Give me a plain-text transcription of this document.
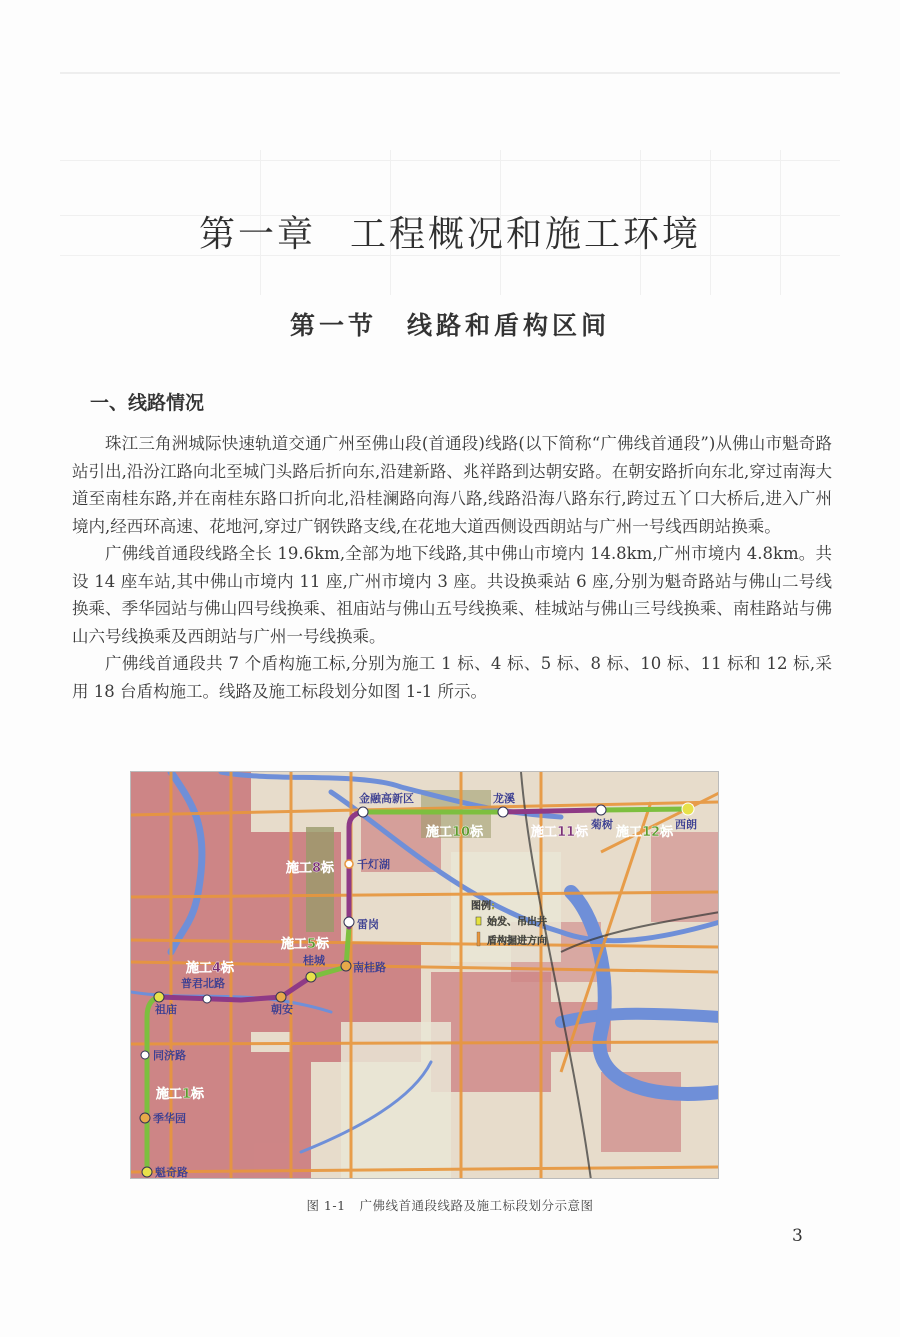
第一章 工程概况和施工环境
第一节 线路和盾构区间
一、线路情况

珠江三角洲城际快速轨道交通广州至佛山段(首通段)线路(以下简称“广佛线首通段”)从佛山市魁奇路站引出,沿汾江路向北至城门头路后折向东,沿建新路、兆祥路到达朝安路。在朝安路折向东北,穿过南海大道至南桂东路,并在南桂东路口折向北,沿桂澜路向海八路,线路沿海八路东行,跨过五丫口大桥后,进入广州境内,经西环高速、花地河,穿过广钢铁路支线,在花地大道西侧设西朗站与广州一号线西朗站换乘。

广佛线首通段线路全长 19.6km,全部为地下线路,其中佛山市境内 14.8km,广州市境内 4.8km。共设 14 座车站,其中佛山市境内 11 座,广州市境内 3 座。共设换乘站 6 座,分别为魁奇路站与佛山二号线换乘、季华园站与佛山四号线换乘、祖庙站与佛山五号线换乘、桂城站与佛山三号线换乘、南桂路站与佛山六号线换乘及西朗站与广州一号线换乘。

广佛线首通段共 7 个盾构施工标,分别为施工 1 标、4 标、5 标、8 标、10 标、11 标和 12 标,采用 18 台盾构施工。线路及施工标段划分如图 1-1 所示。

魁奇路
季华园
同济路
祖庙
普君北路
朝安
桂城
南桂路
雷岗
千灯湖
金融高新区	龙溪
菊树	西朗
施工1标
施工4标
施工5标
施工8标
施工10标	施工11标 施工12标
图例:
始发、吊出井
盾构掘进方向
图 1-1 广佛线首通段线路及施工标段划分示意图
3
